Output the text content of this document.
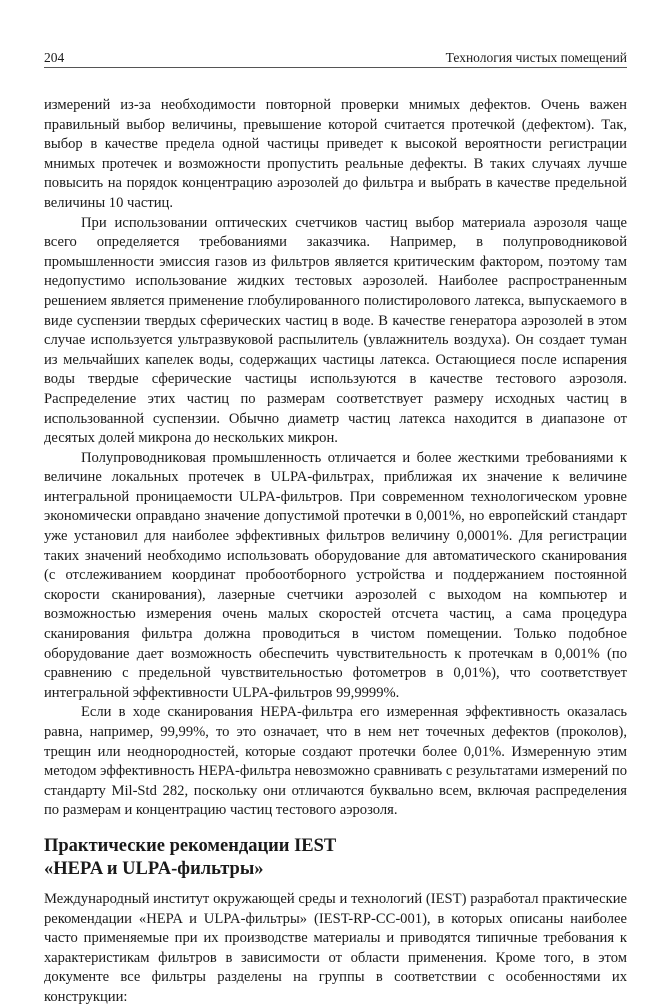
204	Технология чистых помещений

измерений из-за необходимости повторной проверки мнимых дефектов. Очень важен правильный выбор величины, превышение которой считается протечкой (дефектом). Так, выбор в качестве предела одной частицы приведет к высокой вероятности регистрации мнимых протечек и возможности пропустить реальные дефекты. В таких случаях лучше повысить на порядок концентрацию аэрозолей до фильтра и выбрать в качестве предельной величины 10 частиц.

При использовании оптических счетчиков частиц выбор материала аэрозоля чаще всего определяется требованиями заказчика. Например, в полупроводниковой промышленности эмиссия газов из фильтров является критическим фактором, поэтому там недопустимо использование жидких тестовых аэрозолей. Наиболее распространенным решением является применение глобулированного полистиролового латекса, выпускаемого в виде суспензии твердых сферических частиц в воде. В качестве генератора аэрозолей в этом случае используется ультразвуковой распылитель (увлажнитель воздуха). Он создает туман из мельчайших капелек воды, содержащих частицы латекса. Остающиеся после испарения воды твердые сферические частицы используются в качестве тестового аэрозоля. Распределение этих частиц по размерам соответствует размеру исходных частиц в использованной суспензии. Обычно диаметр частиц латекса находится в диапазоне от десятых долей микрона до нескольких микрон.

Полупроводниковая промышленность отличается и более жесткими требованиями к величине локальных протечек в ULPA-фильтрах, приближая их значение к величине интегральной проницаемости ULPA-фильтров. При современном технологическом уровне экономически оправдано значение допустимой протечки в 0,001%, но европейский стандарт уже установил для наиболее эффективных фильтров величину 0,0001%. Для регистрации таких значений необходимо использовать оборудование для автоматического сканирования (с отслеживанием координат пробоотборного устройства и поддержанием постоянной скорости сканирования), лазерные счетчики аэрозолей с выходом на компьютер и возможностью измерения очень малых скоростей отсчета частиц, а сама процедура сканирования фильтра должна проводиться в чистом помещении. Только подобное оборудование дает возможность обеспечить чувствительность к протечкам в 0,001% (по сравнению с предельной чувствительностью фотометров в 0,01%), что соответствует интегральной эффективности ULPA-фильтров 99,9999%.

Если в ходе сканирования HEPA-фильтра его измеренная эффективность оказалась равна, например, 99,99%, то это означает, что в нем нет точечных дефектов (проколов), трещин или неоднородностей, которые создают протечки более 0,01%. Измеренную этим методом эффективность HEPA-фильтра невозможно сравнивать с результатами измерений по стандарту Mil-Std 282, поскольку они отличаются буквально всем, включая распределения по размерам и концентрацию частиц тестового аэрозоля.

Практические рекомендации IEST
«HEPA и ULPA-фильтры»

Международный институт окружающей среды и технологий (IEST) разработал практические рекомендации «HEPA и ULPA-фильтры» (IEST-RP-CC-001), в которых описаны наиболее часто применяемые при их производстве материалы и приводятся типичные требования к характеристикам фильтров в зависимости от области применения. Кроме того, в этом документе все фильтры разделены на группы в соответствии с особенностями их конструкции:
